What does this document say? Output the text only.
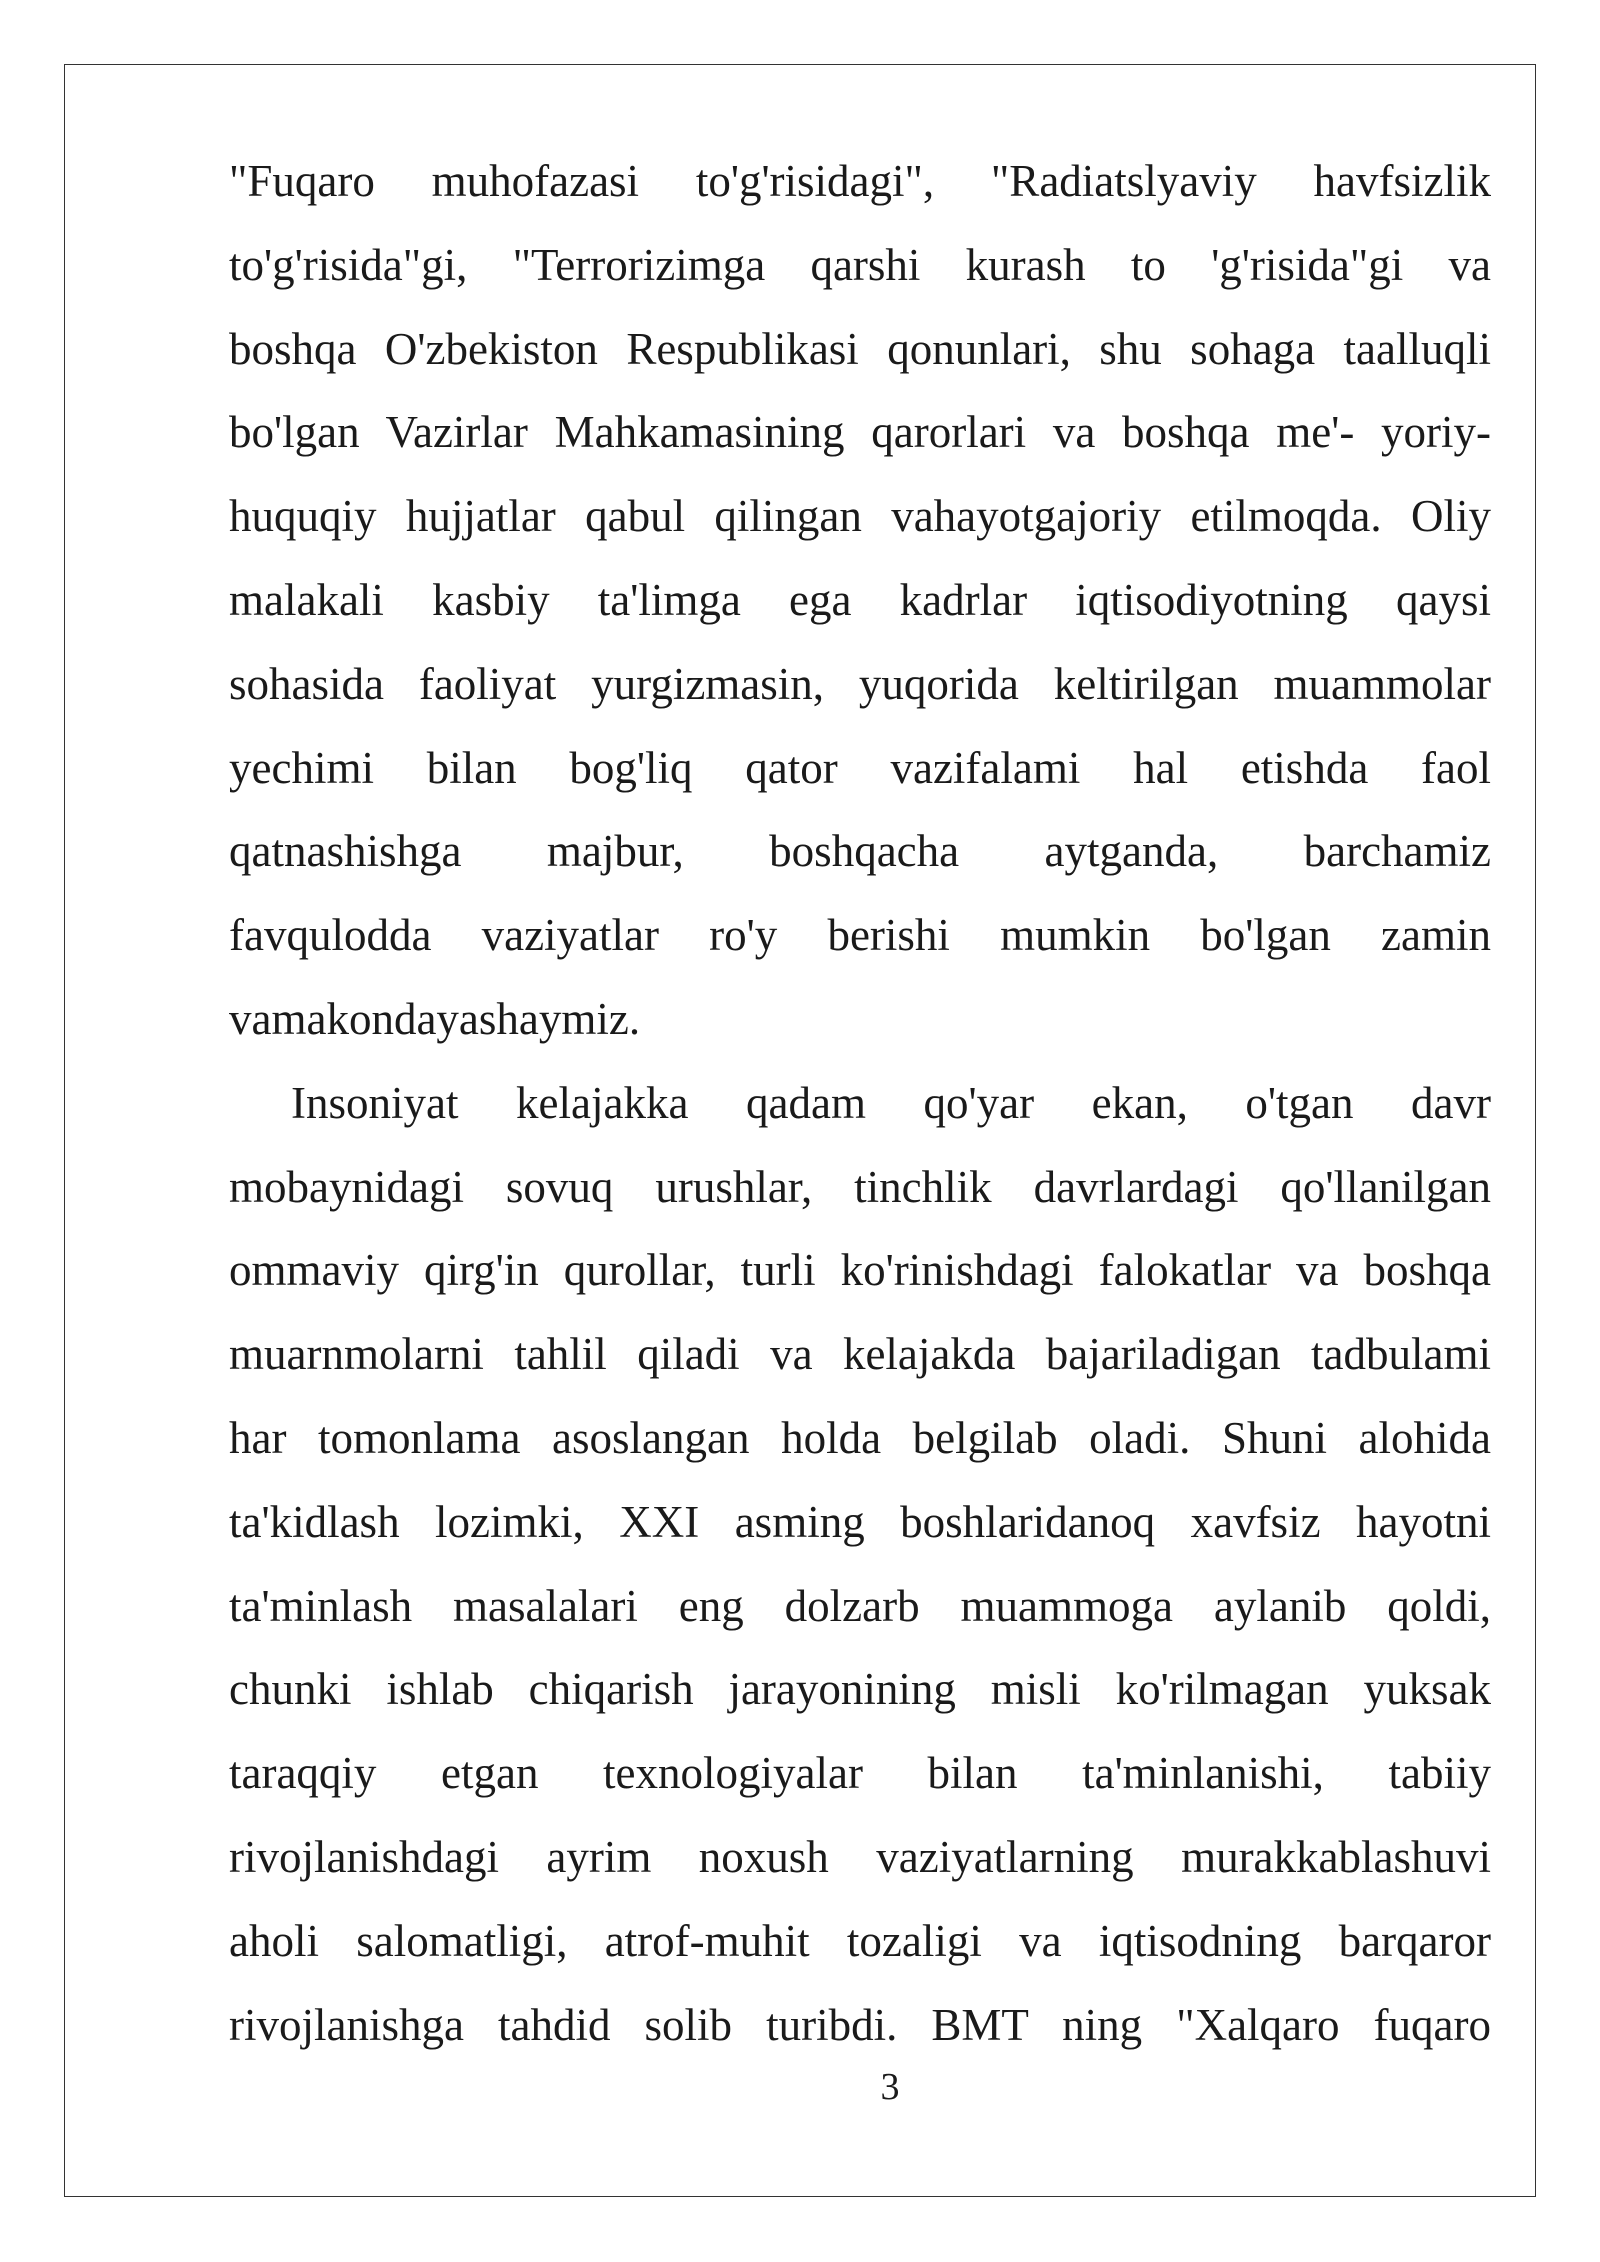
"Fuqaro muhofazasi to'g'risidagi", "Radiatslyaviy havfsizlik
to'g'risida"gi, "Terrorizimga qarshi kurash to 'g'risida"gi va
boshqa O'zbekiston Respublikasi qonunlari, shu sohaga taalluqli
bo'lgan Vazirlar Mahkamasining qarorlari va boshqa me'- yoriy-
huquqiy hujjatlar qabul qilingan vahayotgajoriy etilmoqda. Oliy
malakali kasbiy ta'limga ega kadrlar iqtisodiyotning qaysi
sohasida faoliyat yurgizmasin, yuqorida keltirilgan muammolar
yechimi bilan bog'liq qator vazifalami hal etishda faol
qatnashishga majbur, boshqacha aytganda, barchamiz
favqulodda vaziyatlar ro'y berishi mumkin bo'lgan zamin
vamakondayashaymiz.
Insoniyat kelajakka qadam qo'yar ekan, o'tgan davr
mobaynidagi sovuq urushlar, tinchlik davrlardagi qo'llanilgan
ommaviy qirg'in qurollar, turli ko'rinishdagi falokatlar va boshqa
muarnmolarni tahlil qiladi va kelajakda bajariladigan tadbulami
har tomonlama asoslangan holda belgilab oladi. Shuni alohida
ta'kidlash lozimki, XXI asming boshlaridanoq xavfsiz hayotni
ta'minlash masalalari eng dolzarb muammoga aylanib qoldi,
chunki ishlab chiqarish jarayonining misli ko'rilmagan yuksak
taraqqiy etgan texnologiyalar bilan ta'minlanishi, tabiiy
rivojlanishdagi ayrim noxush vaziyatlarning murakkablashuvi
aholi salomatligi, atrof-muhit tozaligi va iqtisodning barqaror
rivojlanishga tahdid solib turibdi. BMT ning "Xalqaro fuqaro
3
